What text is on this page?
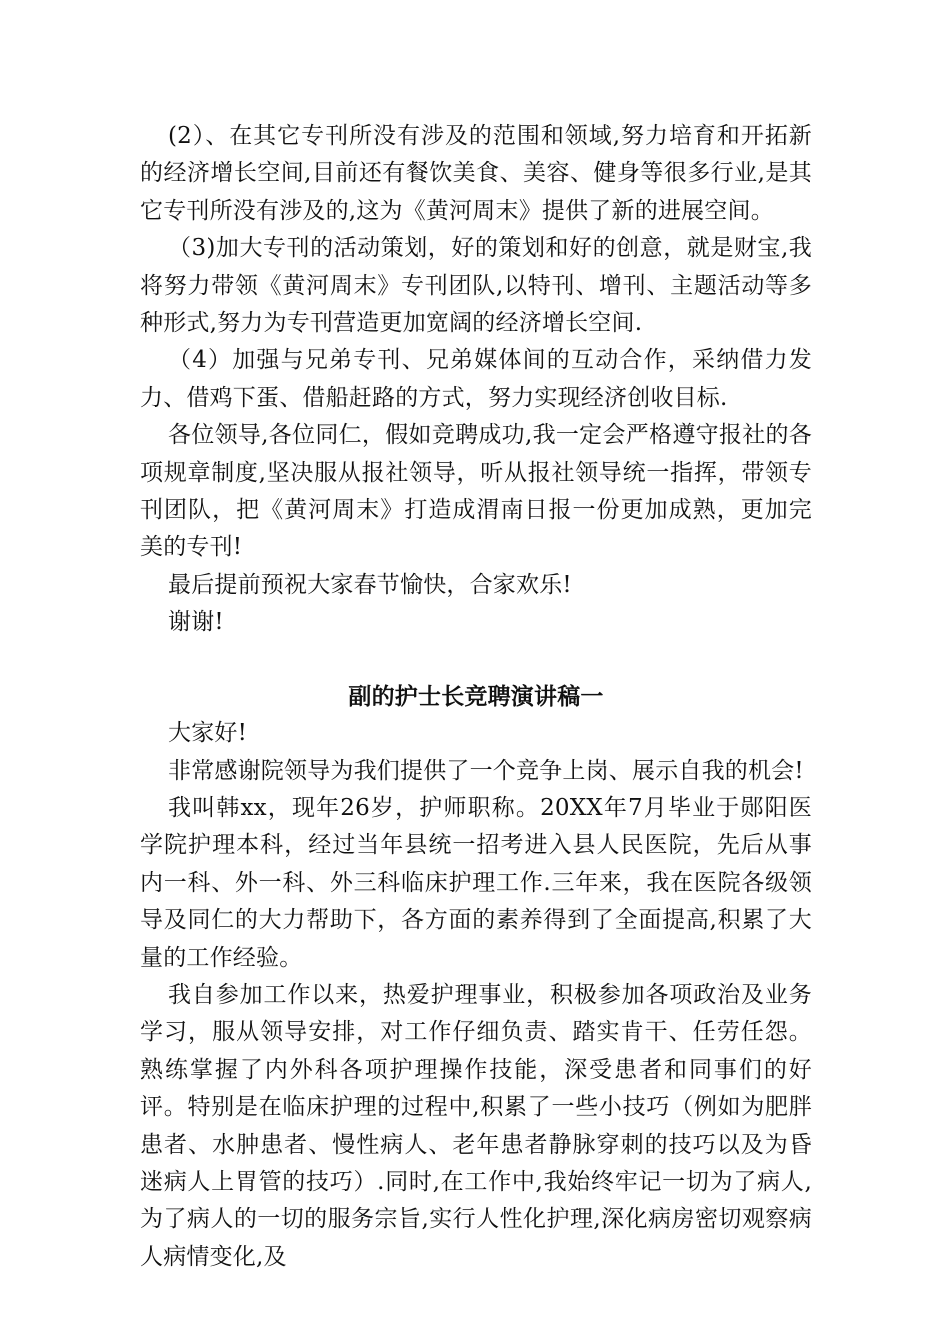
(2）、在其它专刊所没有涉及的范围和领域,努力培育和开拓新的经济增长空间,目前还有餐饮美食、美容、健身等很多行业,是其它专刊所没有涉及的,这为《黄河周末》提供了新的进展空间。

（3)加大专刊的活动策划，好的策划和好的创意，就是财宝,我将努力带领《黄河周末》专刊团队,以特刊、增刊、主题活动等多种形式,努力为专刊营造更加宽阔的经济增长空间.

（4）加强与兄弟专刊、兄弟媒体间的互动合作，采纳借力发力、借鸡下蛋、借船赶路的方式，努力实现经济创收目标.

各位领导,各位同仁，假如竞聘成功,我一定会严格遵守报社的各项规章制度,坚决服从报社领导，听从报社领导统一指挥，带领专刊团队，把《黄河周末》打造成渭南日报一份更加成熟，更加完美的专刊!

最后提前预祝大家春节愉快，合家欢乐!

谢谢!

副的护士长竞聘演讲稿一

大家好!

非常感谢院领导为我们提供了一个竞争上岗、展示自我的机会!

我叫韩xx，现年26岁，护师职称。20XX年7月毕业于郧阳医学院护理本科，经过当年县统一招考进入县人民医院，先后从事内一科、外一科、外三科临床护理工作.三年来，我在医院各级领导及同仁的大力帮助下，各方面的素养得到了全面提高,积累了大量的工作经验。

我自参加工作以来，热爱护理事业，积极参加各项政治及业务学习，服从领导安排，对工作仔细负责、踏实肯干、任劳任怨。熟练掌握了内外科各项护理操作技能，深受患者和同事们的好评。特别是在临床护理的过程中,积累了一些小技巧（例如为肥胖患者、水肿患者、慢性病人、老年患者静脉穿刺的技巧以及为昏迷病人上胃管的技巧）.同时,在工作中,我始终牢记一切为了病人,为了病人的一切的服务宗旨,实行人性化护理,深化病房密切观察病人病情变化,及
